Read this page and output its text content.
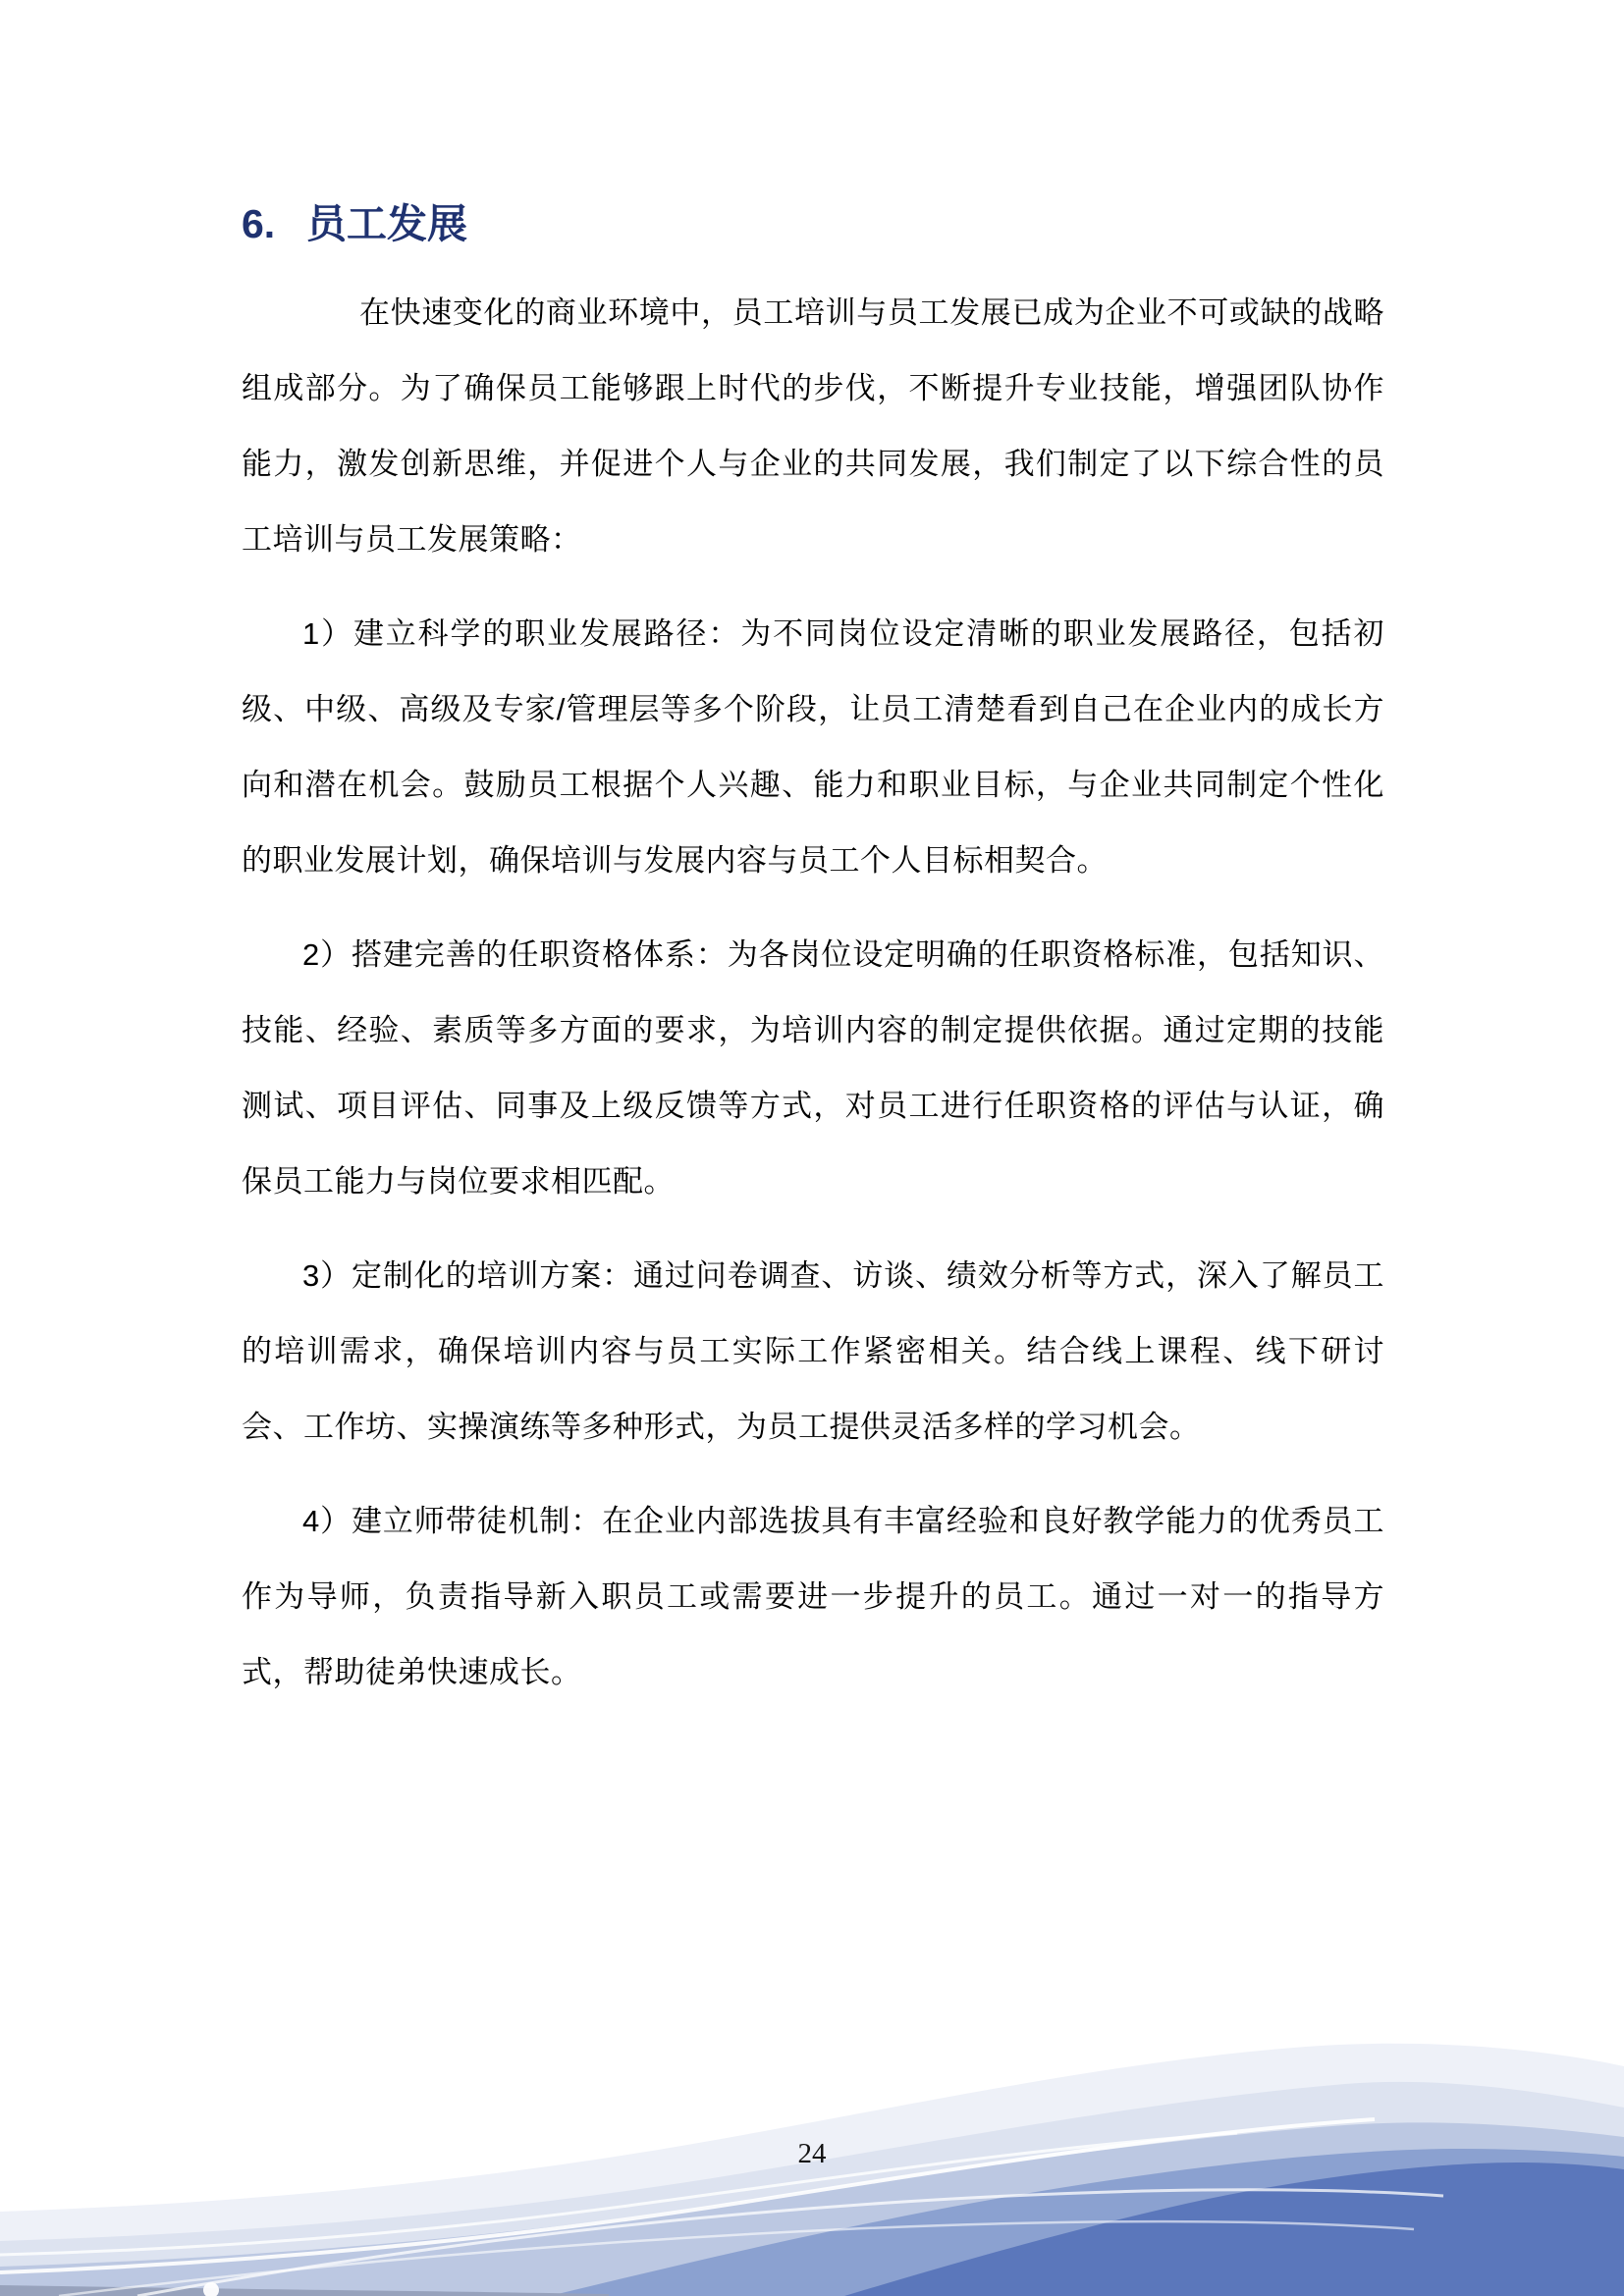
6. 员工发展

在快速变化的商业环境中，员工培训与员工发展已成为企业不可或缺的战略组成部分。为了确保员工能够跟上时代的步伐，不断提升专业技能，增强团队协作能力，激发创新思维，并促进个人与企业的共同发展，我们制定了以下综合性的员工培训与员工发展策略：

1）建立科学的职业发展路径：为不同岗位设定清晰的职业发展路径，包括初级、中级、高级及专家/管理层等多个阶段，让员工清楚看到自己在企业内的成长方向和潜在机会。鼓励员工根据个人兴趣、能力和职业目标，与企业共同制定个性化的职业发展计划，确保培训与发展内容与员工个人目标相契合。

2）搭建完善的任职资格体系：为各岗位设定明确的任职资格标准，包括知识、技能、经验、素质等多方面的要求，为培训内容的制定提供依据。通过定期的技能测试、项目评估、同事及上级反馈等方式，对员工进行任职资格的评估与认证，确保员工能力与岗位要求相匹配。

3）定制化的培训方案：通过问卷调查、访谈、绩效分析等方式，深入了解员工的培训需求，确保培训内容与员工实际工作紧密相关。结合线上课程、线下研讨会、工作坊、实操演练等多种形式，为员工提供灵活多样的学习机会。

4）建立师带徒机制：在企业内部选拔具有丰富经验和良好教学能力的优秀员工作为导师，负责指导新入职员工或需要进一步提升的员工。通过一对一的指导方式，帮助徒弟快速成长。

24
